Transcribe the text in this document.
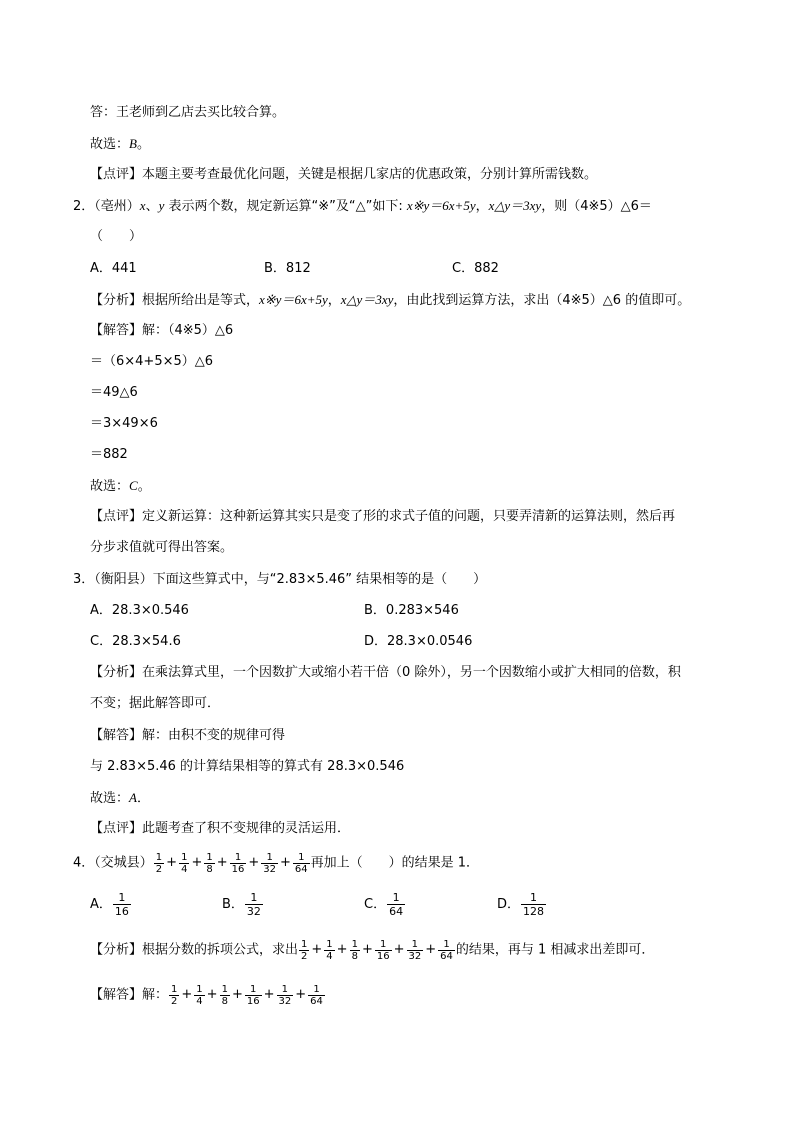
答：王老师到乙店去买比较合算。
故选：B。
【点评】本题主要考查最优化问题，关键是根据几家店的优惠政策，分别计算所需钱数。
2．（亳州）x、y 表示两个数，规定新运算“※”及“△”如下: x※y＝6x+5y，x△y＝3xy，则（4※5）△6＝
（　　）
A．441	B．812	C．882
【分析】根据所给出是等式，x※y＝6x+5y，x△y＝3xy，由此找到运算方法，求出（4※5）△6 的值即可。
【解答】解：（4※5）△6
＝（6×4+5×5）△6
＝49△6
＝3×49×6
＝882
故选：C。
【点评】定义新运算：这种新运算其实只是变了形的求式子值的问题，只要弄清新的运算法则，然后再
分步求值就可得出答案。
3．（衡阳县）下面这些算式中，与“2.83×5.46” 结果相等的是（　　）
A．28.3×0.546	B．0.283×546
C．28.3×54.6	D．28.3×0.0546
【分析】在乘法算式里，一个因数扩大或缩小若干倍（0 除外），另一个因数缩小或扩大相同的倍数，积
不变；据此解答即可．
【解答】解：由积不变的规律可得
与 2.83×5.46 的计算结果相等的算式有 28.3×0.546
故选：A．
【点评】此题考查了积不变规律的灵活运用．
4．（交城县） $\frac{1}{2} + \frac{1}{4} + \frac{1}{8} + \frac{1}{16} + \frac{1}{32} + \frac{1}{64}$ 再加上（　　）的结果是 1．
A． $\frac{1}{16}$	B． $\frac{1}{32}$	C． $\frac{1}{64}$	D． $\frac{1}{128}$
【分析】根据分数的拆项公式，求出 $\frac{1}{2} + \frac{1}{4} + \frac{1}{8} + \frac{1}{16} + \frac{1}{32} + \frac{1}{64}$ 的结果，再与 1 相减求出差即可．
【解答】解： $\frac{1}{2} + \frac{1}{4} + \frac{1}{8} + \frac{1}{16} + \frac{1}{32} + \frac{1}{64}$
